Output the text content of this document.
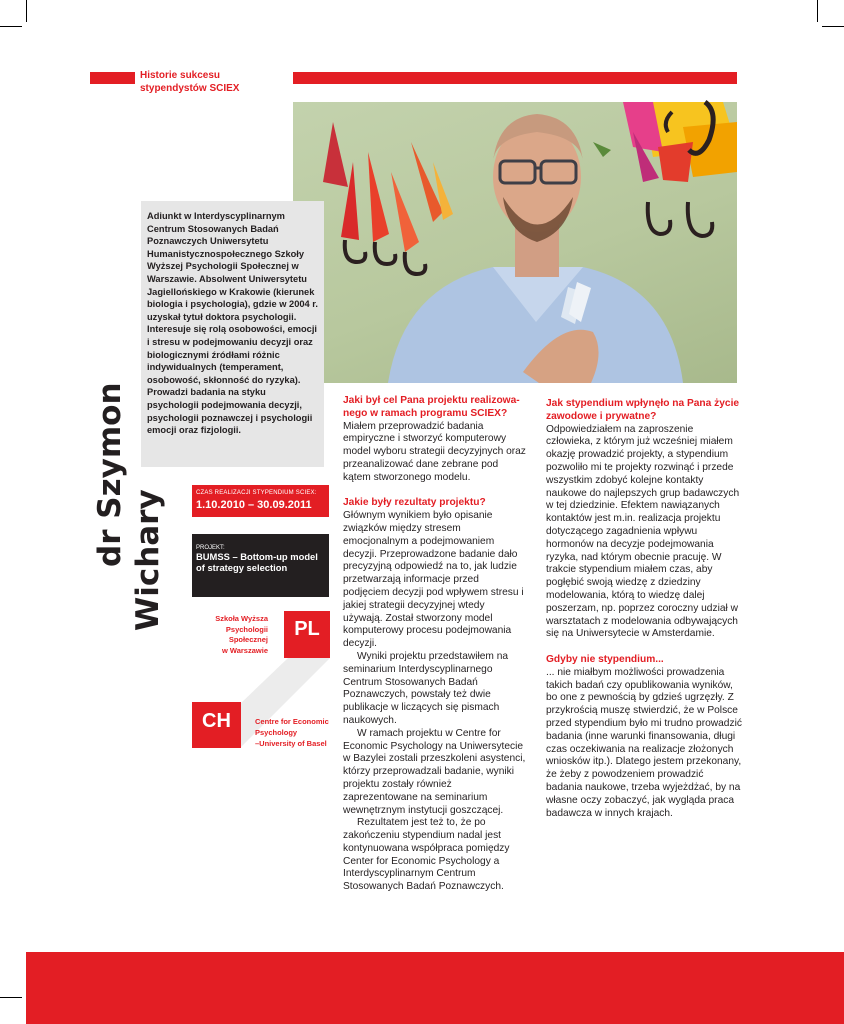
Historie sukcesu
stypendystów SCIEX
Adiunkt w Interdyscyplinarnym Centrum Stosowanych Badań Poznawczych Uniwersytetu Humanistycznospołecznego Szkoły Wyższej Psychologii Społecznej w Warszawie. Absolwent Uniwersytetu Jagiellońskiego w Krakowie (kierunek biologia i psychologia), gdzie w 2004 r. uzyskał tytuł doktora psychologii. Interesuje się rolą osobowości, emocji i stresu w podejmowaniu decyzji oraz biologicznymi źródłami różnic indywidualnych (temperament, osobowość, skłonność do ryzyka). Prowadzi badania na styku psychologii podejmowania decyzji, psychologii poznawczej i psychologii emocji oraz fizjologii.
dr Szymon Wichary	CZAS REALIZACJI STYPENDIUM SCIEX:
1.10.2010 – 30.09.2011
PROJEKT:
BUMSS – Bottom-up model of strategy selection
Szkoła Wyższa
Psychologii
Społecznej
w Warszawie
PL
CH	Centre for Economic
Psychology
–University of Basel
Jaki był cel Pana projektu realizowa-nego w ramach programu SCIEX?
Miałem przeprowadzić badania empiryczne i stworzyć komputerowy model wyboru strategii decyzyjnych oraz przeanalizować dane zebrane pod kątem stworzonego modelu.
Jakie były rezultaty projektu?
Głównym wynikiem było opisanie związków między stresem emocjonalnym a podejmowaniem decyzji. Przeprowadzone badanie dało precyzyjną odpowiedź na to, jak ludzie przetwarzają informacje przed podjęciem decyzji pod wpływem stresu i jakiej strategii decyzyjnej wtedy używają. Został stworzony model komputerowy procesu podejmowania decyzji.
Wyniki projektu przedstawiłem na seminarium Interdyscyplinarnego Centrum Stosowanych Badań Poznawczych, powstały też dwie publikacje w liczących się pismach naukowych.
W ramach projektu w Centre for Economic Psychology na Uniwersytecie w Bazylei zostali przeszkoleni asystenci, którzy przeprowadzali badanie, wyniki projektu zostały również zaprezentowane na seminarium wewnętrznym instytucji goszczącej.
Rezultatem jest też to, że po zakończeniu stypendium nadal jest kontynuowana współpraca pomiędzy Center for Economic Psychology a Interdyscyplinarnym Centrum Stosowanych Badań Poznawczych.
Jak stypendium wpłynęło na Pana życie zawodowe i prywatne?
Odpowiedziałem na zaproszenie człowieka, z którym już wcześniej miałem okazję prowadzić projekty, a stypendium pozwoliło mi te projekty rozwinąć i przede wszystkim zdobyć kolejne kontakty naukowe do najlepszych grup badawczych w tej dziedzinie. Efektem nawiązanych kontaktów jest m.in. realizacja projektu dotyczącego zagadnienia wpływu hormonów na decyzje podejmowania ryzyka, nad którym obecnie pracuję. W trakcie stypendium miałem czas, aby pogłębić swoją wiedzę z dziedziny modelowania, którą to wiedzę dalej poszerzam, np. poprzez coroczny udział w warsztatach z modelowania odbywających się na Uniwersytecie w Amsterdamie.
Gdyby nie stypendium...
... nie miałbym możliwości prowadzenia takich badań czy opublikowania wyników, bo one z pewnością by gdzieś ugrzęzły. Z przykrością muszę stwierdzić, że w Polsce przed stypendium było mi trudno prowadzić badania (inne warunki finansowania, długi czas oczekiwania na realizacje złożonych wniosków itp.). Dlatego jestem przekonany, że żeby z powodzeniem prowadzić badania naukowe, trzeba wyjeżdżać, by na własne oczy zobaczyć, jak wygląda praca badawcza w innych krajach.
